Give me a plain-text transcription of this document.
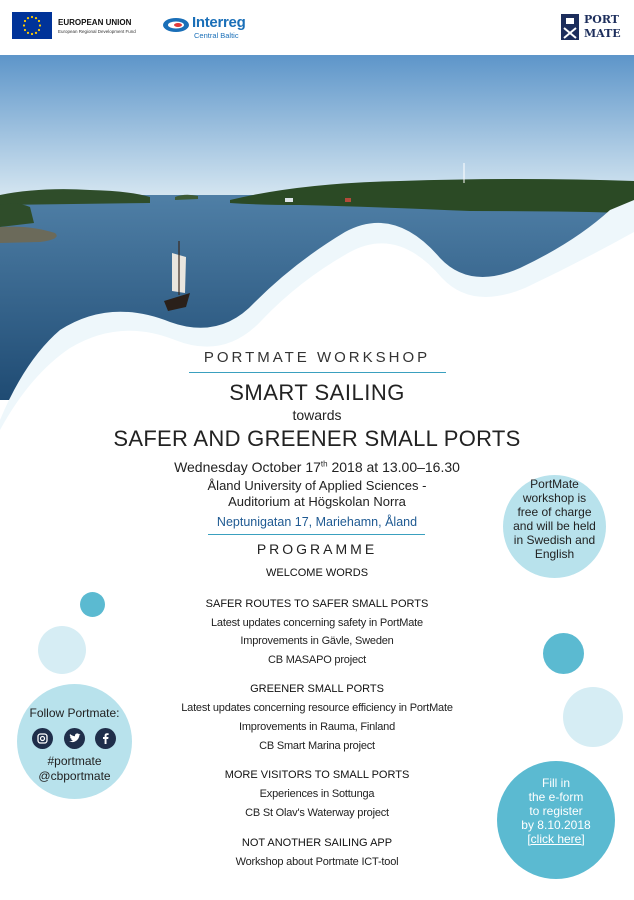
EUROPEAN UNION
European Regional Development Fund
Interreg
Central Baltic
PORT
MATE
PORTMATE WORKSHOP
SMART SAILING
towards
SAFER AND GREENER SMALL PORTS
Wednesday October 17th 2018 at 13.00–16.30
Åland University of Applied Sciences -
Auditorium at Högskolan Norra
Neptunigatan 17, Mariehamn, Åland
PROGRAMME
WELCOME WORDS
SAFER ROUTES TO SAFER SMALL PORTS
Latest updates concerning safety in PortMate
Improvements in Gävle, Sweden
CB MASAPO project
GREENER SMALL PORTS
Latest updates concerning resource efficiency in PortMate
Improvements in Rauma, Finland
CB Smart Marina project
MORE VISITORS TO SMALL PORTS
Experiences in Sottunga
CB St Olav's Waterway project
NOT ANOTHER SAILING APP
Workshop about Portmate ICT-tool
PortMate
workshop is
free of charge
and will be held
in Swedish and
English
Follow Portmate:
#portmate
@cbportmate	Fill in
the e-form
to register
by 8.10.2018
[click here]
